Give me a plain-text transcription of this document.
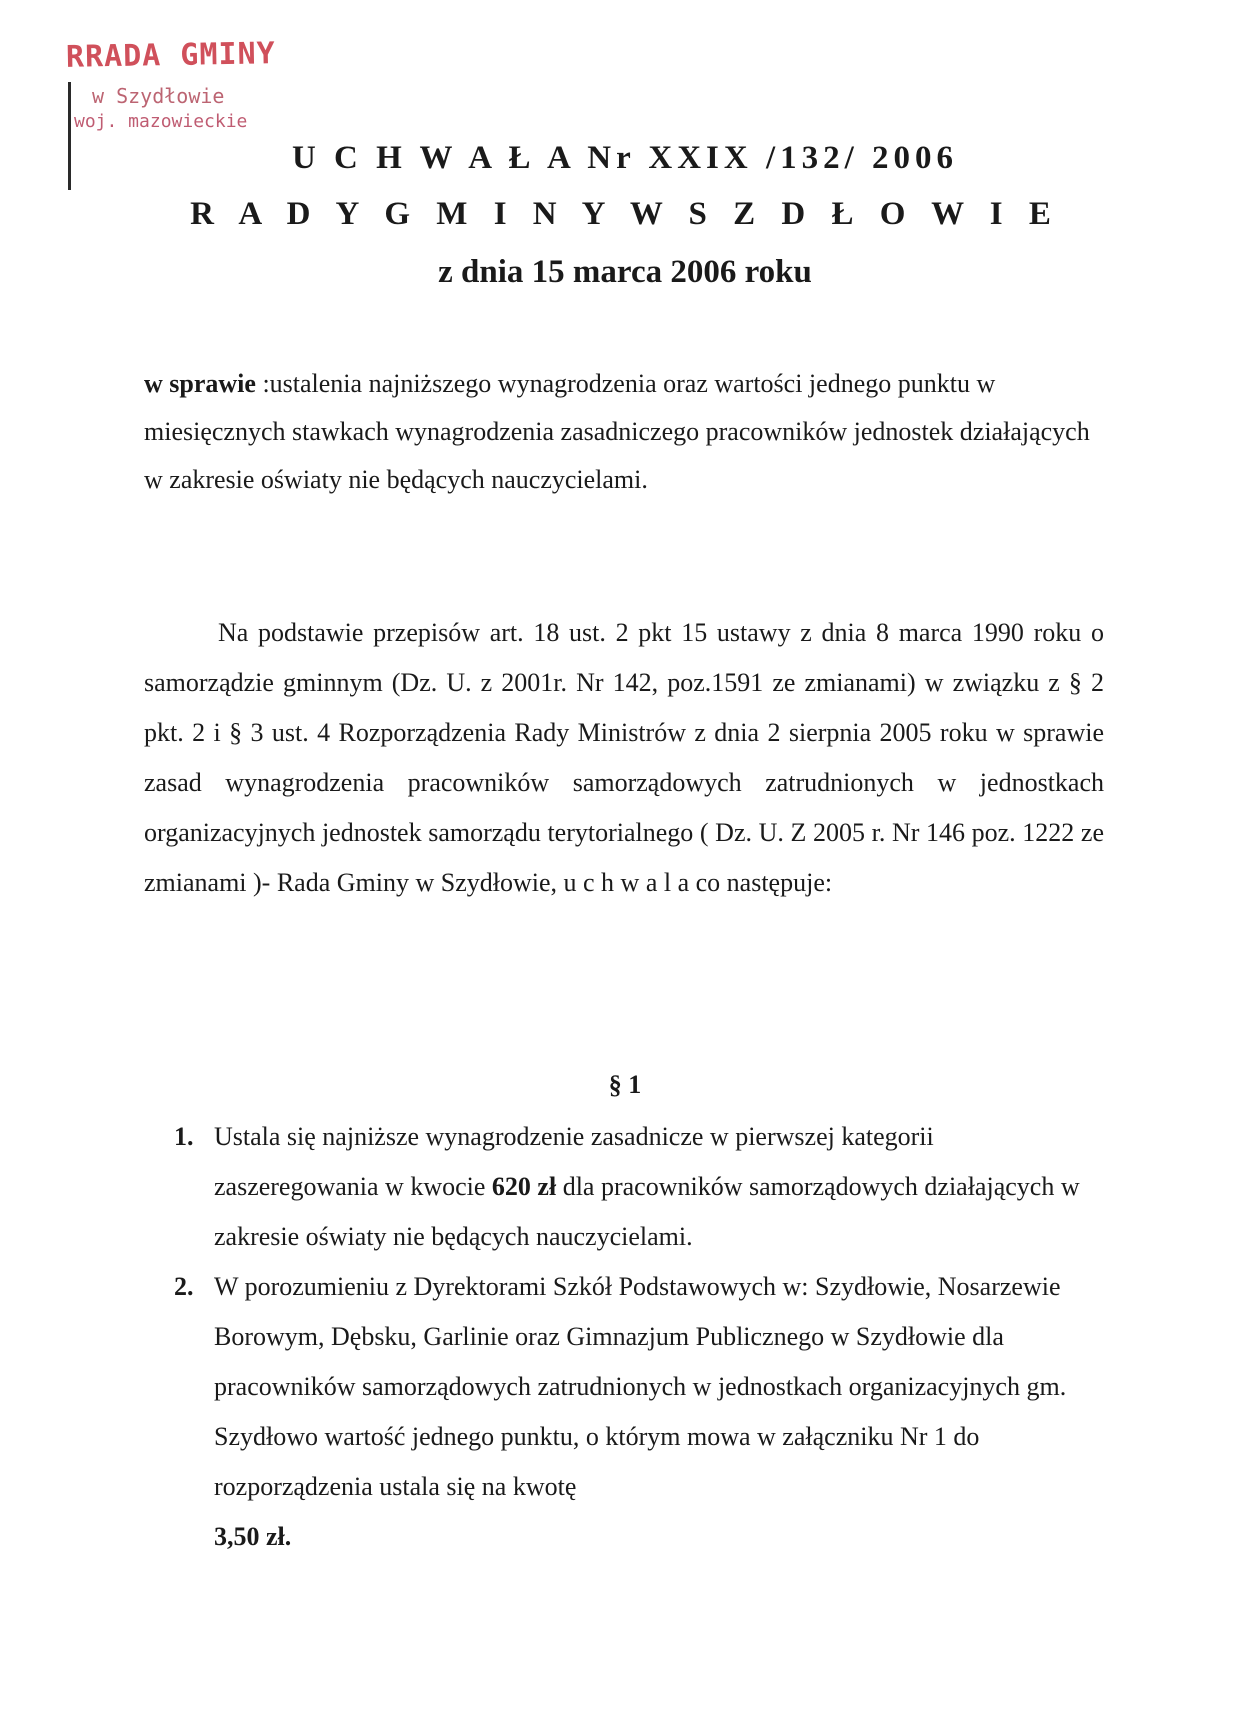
RRADA GMINY
w Szydłowie
woj. mazowieckie
U C H W A Ł A Nr XXIX /132/ 2006
R A D Y G M I N Y W S Z D Ł O W I E
z dnia 15 marca 2006 roku
w sprawie :ustalenia najniższego wynagrodzenia oraz wartości jednego punktu w miesięcznych stawkach wynagrodzenia zasadniczego pracowników jednostek działających w zakresie oświaty nie będących nauczycielami.
Na podstawie przepisów art. 18 ust. 2 pkt 15 ustawy z dnia 8 marca 1990 roku o samorządzie gminnym (Dz. U. z 2001r. Nr 142, poz.1591 ze zmianami) w związku z § 2 pkt. 2 i § 3 ust. 4 Rozporządzenia Rady Ministrów z dnia 2 sierpnia 2005 roku w sprawie zasad wynagrodzenia pracowników samorządowych zatrudnionych w jednostkach organizacyjnych jednostek samorządu terytorialnego ( Dz. U. Z 2005 r. Nr 146 poz. 1222 ze zmianami )- Rada Gminy w Szydłowie, u c h w a l a co następuje:
§ 1
1. Ustala się najniższe wynagrodzenie zasadnicze w pierwszej kategorii zaszeregowania w kwocie 620 zł dla pracowników samorządowych działających w zakresie oświaty nie będących nauczycielami.
2. W porozumieniu z Dyrektorami Szkół Podstawowych w: Szydłowie, Nosarzewie Borowym, Dębsku, Garlinie oraz Gimnazjum Publicznego w Szydłowie dla pracowników samorządowych zatrudnionych w jednostkach organizacyjnych gm. Szydłowo wartość jednego punktu, o którym mowa w załączniku Nr 1 do rozporządzenia ustala się na kwotę
3,50 zł.
